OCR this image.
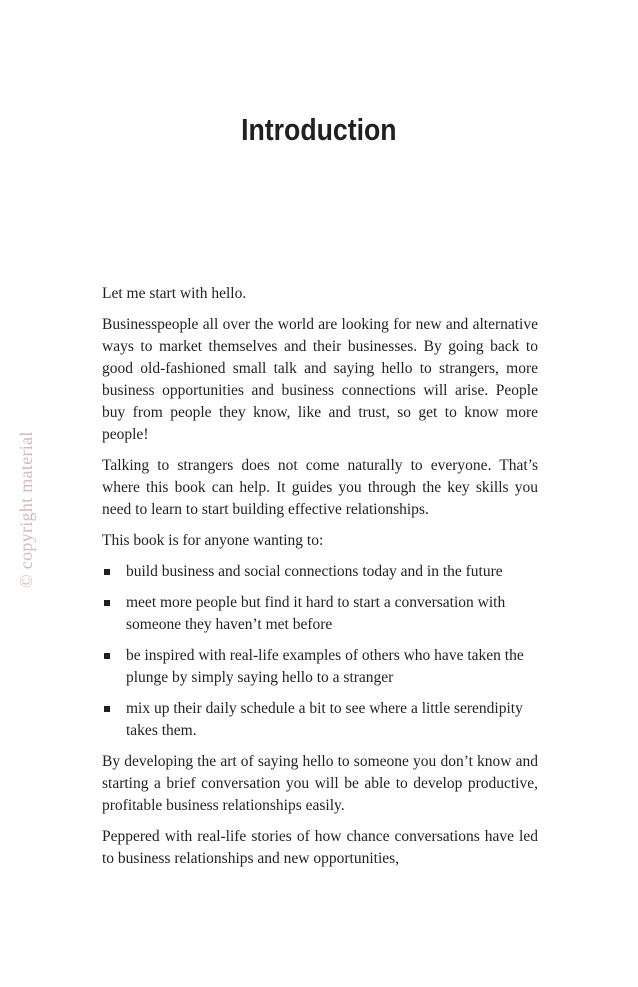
Introduction
© copyright material

Let me start with hello.

Businesspeople all over the world are looking for new and alternative ways to market themselves and their businesses. By going back to good old-fashioned small talk and saying hello to strangers, more business opportunities and business connections will arise. People buy from people they know, like and trust, so get to know more people!

Talking to strangers does not come naturally to everyone. That’s where this book can help. It guides you through the key skills you need to learn to start building effective relationships.

This book is for anyone wanting to:

build business and social connections today and in the future
meet more people but find it hard to start a conversation with someone they haven’t met before
be inspired with real-life examples of others who have taken the plunge by simply saying hello to a stranger
mix up their daily schedule a bit to see where a little serendipity takes them.

By developing the art of saying hello to someone you don’t know and starting a brief conversation you will be able to develop productive, profitable business relationships easily.

Peppered with real-life stories of how chance conversations have led to business relationships and new opportunities,
